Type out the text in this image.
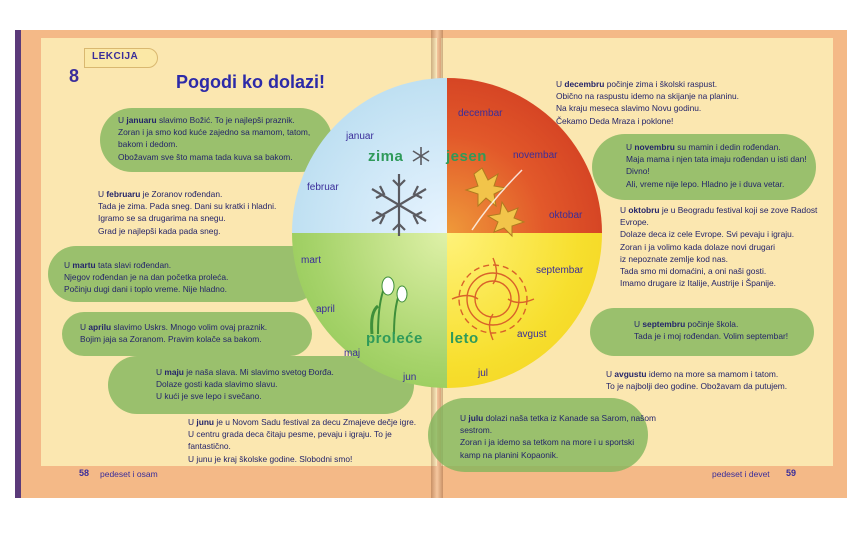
zima	jesen
proleće leto
januar
februar
mart
april
maj
jun	jul
avgust
septembar
oktobar
novembar
decembar
LEKCIJA
8	Pogodi ko dolazi!
U januaru slavimo Božić. To je najlepši praznik.
Zoran i ja smo kod kuće zajedno sa mamom, tatom,
bakom i dedom.
Obožavam sve što mama tada kuva sa bakom.
U februaru je Zoranov rođendan.
Tada je zima. Pada sneg. Dani su kratki i hladni.
Igramo se sa drugarima na snegu.
Grad je najlepši kada pada sneg.
U martu tata slavi rođendan.
Njegov rođendan je na dan početka proleća.
Počinju dugi dani i toplo vreme. Nije hladno.
U aprilu slavimo Uskrs. Mnogo volim ovaj praznik.
Bojim jaja sa Zoranom. Pravim kolače sa bakom.
U maju je naša slava. Mi slavimo svetog Đorđa.
Dolaze gosti kada slavimo slavu.
U kući je sve lepo i svečano.
U junu je u Novom Sadu festival za decu Zmajeve dečje igre.
U centru grada deca čitaju pesme, pevaju i igraju. To je
fantastično.
U junu je kraj školske godine. Slobodni smo!
U decembru počinje zima i školski raspust.
Obično na raspustu idemo na skijanje na planinu.
Na kraju meseca slavimo Novu godinu.
Čekamo Deda Mraza i poklone!
U novembru su mamin i dedin rođendan.
Maja mama i njen tata imaju rođendan u isti dan!
Divno!
Ali, vreme nije lepo. Hladno je i duva vetar.
U oktobru je u Beogradu festival koji se zove Radost
Evrope.
Dolaze deca iz cele Evrope. Svi pevaju i igraju.
Zoran i ja volimo kada dolaze novi drugari
iz nepoznate zemlje kod nas.
Tada smo mi domaćini, a oni naši gosti.
Imamo drugare iz Italije, Austrije i Španije.
U septembru počinje škola.
Tada je i moj rođendan. Volim septembar!
U avgustu idemo na more sa mamom i tatom.
To je najbolji deo godine. Obožavam da putujem.
U julu dolazi naša tetka iz Kanade sa Sarom, našom
sestrom.
Zoran i ja idemo sa tetkom na more i u sportski
kamp na planini Kopaonik.
58 pedeset i osam	pedeset i devet 59
